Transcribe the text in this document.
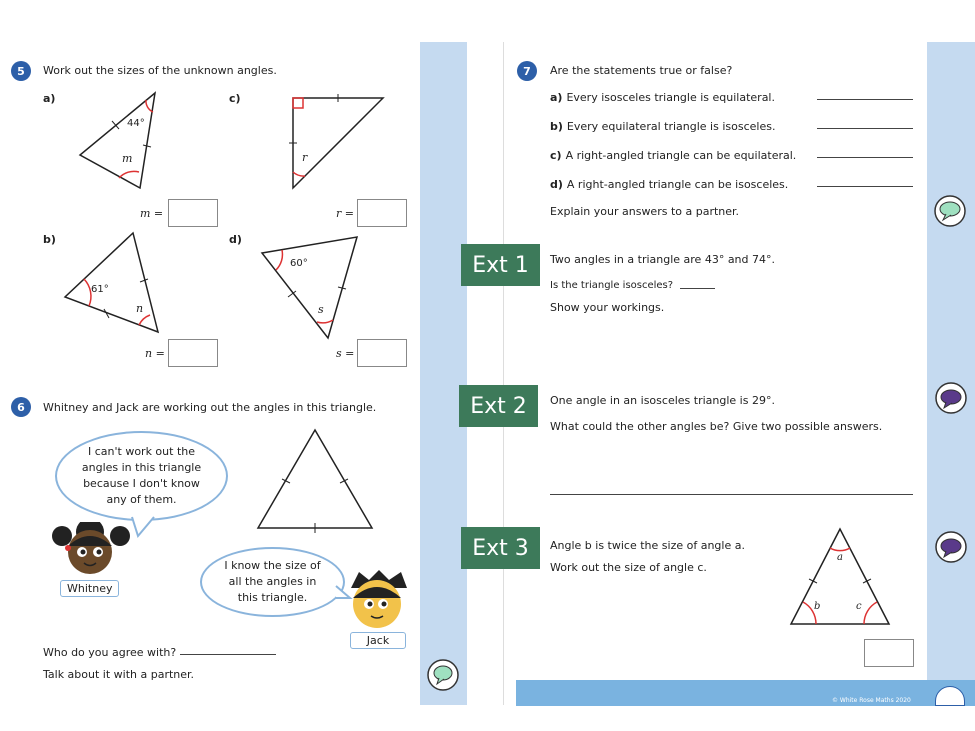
© White Rose Maths 2020
5	Work out the sizes of the unknown angles.
a)	c)
b)	d)
44°
m	r
61°
n
60°
s
m =	r =
n =	s =
6	Whitney and Jack are working out the angles in this triangle.
I can't work out the angles in this triangle because I don't know any of them.
Whitney
I know the size of all the angles in this triangle.
Jack
Who do you agree with?
Talk about it with a partner.
7	Are the statements true or false?
a) Every isosceles triangle is equilateral.
b) Every equilateral triangle is isosceles.
c) A right-angled triangle can be equilateral.
d) A right-angled triangle can be isosceles.
Explain your answers to a partner.
Ext 1	Two angles in a triangle are 43° and 74°.
Is the triangle isosceles?
Show your workings.
Ext 2	One angle in an isosceles triangle is 29°.
What could the other angles be? Give two possible answers.
Ext 3	Angle b is twice the size of angle a.
Work out the size of angle c.
a
b	c
